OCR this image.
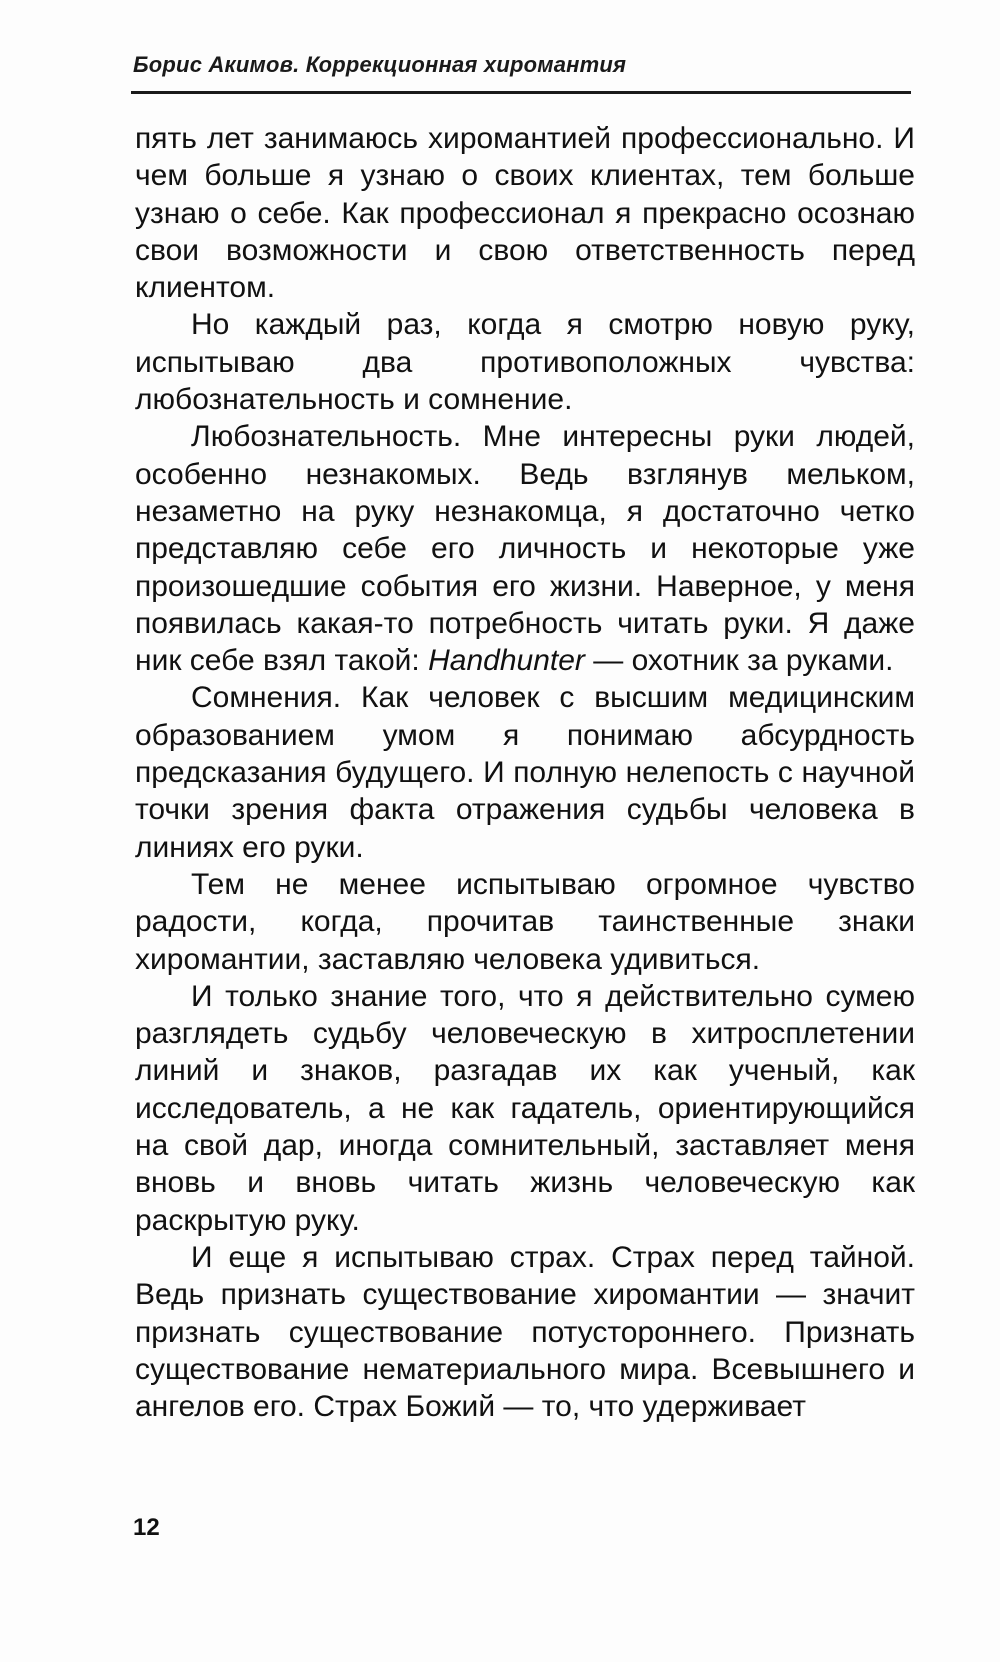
Борис Акимов. Коррекционная хиромантия

пять лет занимаюсь хиромантией профессионально. И чем больше я узнаю о своих клиентах, тем больше узнаю о себе. Как профессионал я прекрасно осознаю свои возможности и свою ответственность перед клиентом.

Но каждый раз, когда я смотрю новую руку, испытываю два противоположных чувства: любознательность и сомнение.

Любознательность. Мне интересны руки людей, особенно незнакомых. Ведь взглянув мельком, незаметно на руку незнакомца, я достаточно четко представляю себе его личность и некоторые уже произошедшие события его жизни. Наверное, у меня появилась какая-то потребность читать руки. Я даже ник себе взял такой: Handhunter — охотник за руками.

Сомнения. Как человек с высшим медицинским образованием умом я понимаю абсурдность предсказания будущего. И полную нелепость с научной точки зрения факта отражения судьбы человека в линиях его руки.

Тем не менее испытываю огромное чувство радости, когда, прочитав таинственные знаки хиромантии, заставляю человека удивиться.

И только знание того, что я действительно сумею разглядеть судьбу человеческую в хитросплетении линий и знаков, разгадав их как ученый, как исследователь, а не как гадатель, ориентирующийся на свой дар, иногда сомнительный, заставляет меня вновь и вновь читать жизнь человеческую как раскрытую руку.

И еще я испытываю страх. Страх перед тайной. Ведь признать существование хиромантии — значит признать существование потустороннего. Признать существование нематериального мира. Всевышнего и ангелов его. Страх Божий — то, что удерживает

12
